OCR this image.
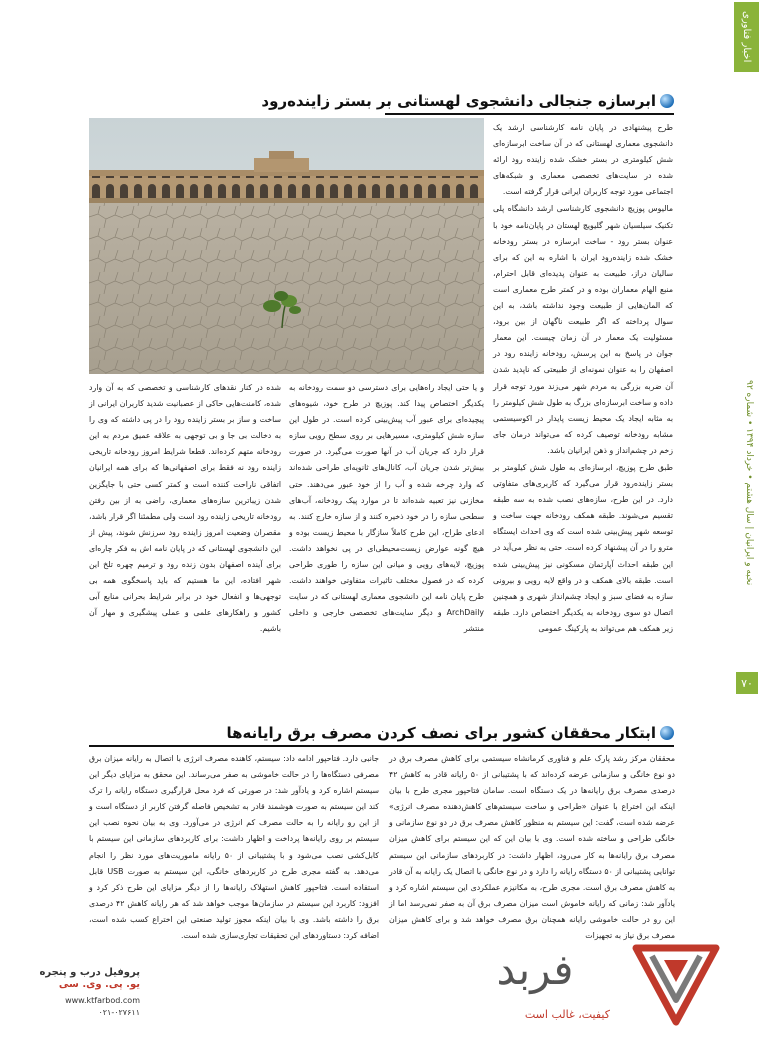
اخبار فناوری
نخبه و ایرانیان | سال هشتم • خرداد ۱۳۹۴ • شماره ۹۲
۷۰
ابرسازه جنجالی دانشجوی لهستانی بر بستر زاینده‌رود

طرح پیشنهادی در پایان نامه کارشناسی ارشد یک دانشجوی معماری لهستانی که در آن ساخت ابرسازه‌ای شش کیلومتری در بستر خشک شده زاینده رود ارائه شده در سایت‌های تخصصی معماری و شبکه‌های اجتماعی مورد توجه کاربران ایرانی قرار گرفته است.

مالیوس پوزیچ دانشجوی کارشناسی ارشد دانشگاه پلی تکنیک سیلسیان شهر گلیویچ لهستان در پایان‌نامه خود با عنوان بستر رود - ساخت ابرسازه در بستر رودخانه خشک شده زاینده‌رود ایران با اشاره به این که برای سالیان دراز، طبیعت به عنوان پدیده‌ای قابل احترام، منبع الهام معماران بوده و در کمتر طرح معماری است که المان‌هایی از طبیعت وجود نداشته باشد، به این سوال پرداخته که اگر طبیعت ناگهان از بین برود، مسئولیت یک معمار در آن زمان چیست. این معمار جوان در پاسخ به این پرسش، رودخانه زاینده رود در اصفهان را به عنوان نمونه‌ای از طبیعتی که ناپدید شدن آن ضربه بزرگی به مردم شهر می‌زند مورد توجه قرار داده و ساخت ابرسازه‌ای بزرگ به طول شش کیلومتر را به مثابه ایجاد یک محیط زیست پایدار در اکوسیستمی مشابه رودخانه توصیف کرده که می‌تواند درمان جای زخم در چشم‌انداز و ذهن ایرانیان باشد.

طبق طرح پوزیچ، ابرسازه‌ای به طول شش کیلومتر بر بستر زاینده‌رود قرار می‌گیرد که کاربری‌های متفاوتی دارد. در این طرح، سازه‌های نصب شده به سه طبقه تقسیم می‌شوند. طبقه همکف رودخانه جهت ساخت و توسعه شهر پیش‌بینی شده است که وی احداث ایستگاه مترو را در آن پیشنهاد کرده است. حتی به نظر می‌آید در این طبقه احداث آپارتمان مسکونی نیز پیش‌بینی شده است. طبقه بالای همکف و در واقع لایه رویی و بیرونی سازه به فضای سبز و ایجاد چشم‌انداز شهری و همچنین اتصال دو سوی رودخانه به یکدیگر اختصاص دارد. طبقه زیر همکف هم می‌تواند به پارکینگ عمومی

و یا حتی ایجاد راه‌هایی برای دسترسی دو سمت رودخانه به یکدیگر اختصاص پیدا کند. پوزیچ در طرح خود، شیوه‌های پیچیده‌ای برای عبور آب پیش‌بینی کرده است. در طول این سازه شش کیلومتری، مسیرهایی بر روی سطح رویی سازه قرار دارد که جریان آب در آنها صورت می‌گیرد. در صورت بیش‌تر شدن جریان آب، کانال‌های ثانویه‌ای طراحی شده‌اند که وارد چرخه شده و آب را از خود عبور می‌دهند. حتی مخازنی نیز تعبیه شده‌اند تا در موارد پیک رودخانه، آب‌های سطحی سازه را در خود ذخیره کنند و از سازه خارج کنند. به ادعای طراح، این طرح کاملاً سازگار با محیط زیست بوده و هیچ گونه عوارض زیست‌محیطی‌ای در پی نخواهد داشت. پوزیچ، لایه‌های رویی و میانی این سازه را طوری طراحی کرده که در فصول مختلف تاثیرات متفاوتی خواهند داشت. طرح پایان نامه این دانشجوی معماری لهستانی که در سایت ArchDaily و دیگر سایت‌های تخصصی خارجی و داخلی منتشر

شده در کنار نقدهای کارشناسی و تخصصی که به آن وارد شده، کامنت‌هایی حاکی از عصبانیت شدید کاربران ایرانی از ساخت و ساز بر بستر زاینده رود را در پی داشته که وی را به دخالت بی جا و بی توجهی به علاقه عمیق مردم به این رودخانه متهم کرده‌اند. قطعا شرایط امروز رودخانه تاریخی زاینده رود نه فقط برای اصفهانی‌ها که برای همه ایرانیان اتفاقی ناراحت کننده است و کمتر کسی حتی با جایگزین شدن زیباترین سازه‌های معماری، راضی به از بین رفتن رودخانه تاریخی زاینده رود است ولی مطمئنا اگر قرار باشد، مقصران وضعیت امروز زاینده رود سرزنش شوند، پیش از این دانشجوی لهستانی که در پایان نامه اش به فکر چاره‌ای برای آینده اصفهان بدون زنده رود و ترمیم چهره تلخ این شهر افتاده، این ما هستیم که باید پاسخگوی همه بی توجهی‌ها و انفعال خود در برابر شرایط بحرانی منابع آبی کشور و راهکارهای علمی و عملی پیشگیری و مهار آن باشیم.

ابتکار محققان کشور برای نصف کردن مصرف برق رایانه‌ها

محققان مرکز رشد پارک علم و فناوری کرمانشاه سیستمی برای کاهش مصرف برق در دو نوع خانگی و سازمانی عرضه کرده‌اند که با پشتیبانی از ۵۰ رایانه قادر به کاهش ۴۲ درصدی مصرف برق رایانه‌ها در یک دستگاه است. سامان فتاحپور مجری طرح با بیان اینکه این اختراع با عنوان «طراحی و ساخت سیستم‌های کاهش‌دهنده مصرف انرژی» عرضه شده است، گفت: این سیستم به منظور کاهش مصرف برق در دو نوع سازمانی و خانگی طراحی و ساخته شده است. وی با بیان این که این سیستم برای کاهش میزان مصرف برق رایانه‌ها به کار می‌رود، اظهار داشت: در کاربردهای سازمانی این سیستم توانایی پشتیبانی از ۵۰ دستگاه رایانه را دارد و در نوع خانگی با اتصال یک رایانه به آن قادر به کاهش مصرف برق است. مجری طرح، به مکانیزم عملکردی این سیستم اشاره کرد و یادآور شد: زمانی که رایانه خاموش است میزان مصرف برق آن به صفر نمی‌رسد اما از این رو در حالت خاموشی رایانه همچنان برق مصرف خواهد شد و برای کاهش میزان مصرف برق نیاز به تجهیزات

جانبی دارد. فتاحپور ادامه داد: سیستم، کاهنده مصرف انرژی با اتصال به رایانه میزان برق مصرفی دستگاه‌ها را در حالت خاموشی به صفر می‌رساند. این محقق به مزایای دیگر این سیستم اشاره کرد و یادآور شد: در صورتی که فرد محل قرارگیری دستگاه رایانه را ترک کند این سیستم به صورت هوشمند قادر به تشخیص فاصله گرفتن کاربر از دستگاه است و از این رو رایانه را به حالت مصرف کم انرژی در می‌آورد. وی به بیان نحوه نصب این سیستم بر روی رایانه‌ها پرداخت و اظهار داشت: برای کاربردهای سازمانی این سیستم با کابل‌کشی نصب می‌شود و با پشتیبانی از ۵۰ رایانه ماموریت‌های مورد نظر را انجام می‌دهد. به گفته مجری طرح در کاربردهای خانگی، این سیستم به صورت USB قابل استفاده است. فتاحپور کاهش استهلاک رایانه‌ها را از دیگر مزایای این طرح ذکر کرد و افزود: کاربرد این سیستم در سازمان‌ها موجب خواهد شد که هر رایانه کاهش ۴۲ درصدی برق را داشته باشد. وی با بیان اینکه مجوز تولید صنعتی این اختراع کسب شده است، اضافه کرد: دستاوردهای این تحقیقات تجاری‌سازی شده است.

پروفیل درب و پنجره
یو. پی. وی. سی
www.ktfarbod.com
۰۲۱-۰۲۷۶۱۱
فربد
کیفیت، غالب است
